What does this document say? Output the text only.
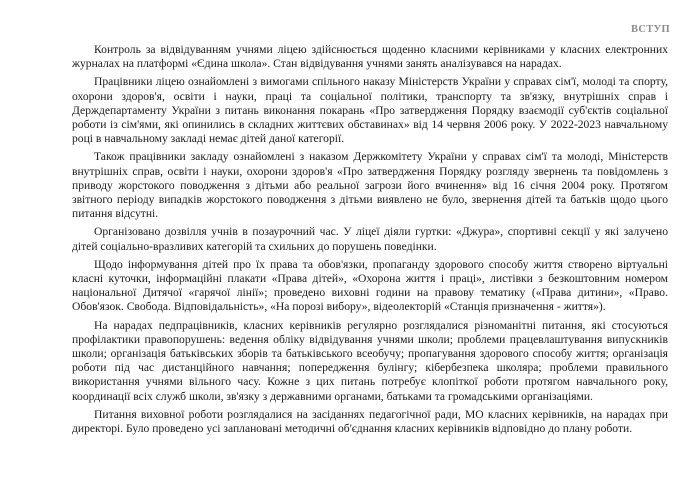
ВСТУП

Контроль за відвідуванням учнями ліцею здійснюється щоденно класними керівниками у класних електронних журналах на платформі «Єдина школа». Стан відвідування учнями занять аналізувався на нарадах.

Працівники ліцею ознайомлені з вимогами спільного наказу Міністерств України у справах сім'ї, молоді та спорту, охорони здоров'я, освіти і науки, праці та соціальної політики, транспорту та зв'язку, внутрішніх справ і Держдепартаменту України з питань виконання покарань «Про затвердження Порядку взаємодії суб'єктів соціальної роботи із сім'ями, які опинились в складних життєвих обставинах» від 14 червня 2006 року. У 2022-2023 навчальному році в навчальному закладі немає дітей даної категорії.

Також працівники закладу ознайомлені з наказом Держкомітету України у справах сім'ї та молоді, Міністерств внутрішніх справ, освіти і науки, охорони здоров'я «Про затвердження Порядку розгляду звернень та повідомлень з приводу жорстокого поводження з дітьми або реальної загрози його вчинення» від 16 січня 2004 року. Протягом звітного періоду випадків жорстокого поводження з дітьми виявлено не було, звернення дітей та батьків щодо цього питання відсутні.

Організовано дозвілля учнів в позаурочний час. У ліцеї діяли гуртки: «Джура», спортивні секції у які залучено дітей соціально-вразливих категорій та схильних до порушень поведінки.

Щодо інформування дітей про їх права та обов'язки, пропаганду здорового способу життя створено віртуальні класні куточки, інформаційні плакати «Права дітей», «Охорона життя і праці», листівки з безкоштовним номером національної Дитячої «гарячої лінії»; проведено виховні години на правову тематику («Права дитини», «Право. Обов'язок. Свобода. Відповідальність», «На порозі вибору», відеолекторій «Станція призначення - життя»).

На нарадах педпрацівників, класних керівників регулярно розглядалися різноманітні питання, які стосуються профілактики правопорушень: ведення обліку відвідування учнями школи; проблеми працевлаштування випускників школи; організація батьківських зборів та батьківського всеобучу; пропагування здорового способу життя; організація роботи під час дистанційного навчання; попередження булінгу; кібербезпека школяра; проблеми правильного використання учнями вільного часу. Кожне з цих питань потребує клопіткої роботи протягом навчального року, координації всіх служб школи, зв'язку з державними органами, батьками та громадськими організаціями.

Питання виховної роботи розглядалися на засіданнях педагогічної ради, МО класних керівників, на нарадах при директорі. Було проведено усі заплановані методичні об'єднання класних керівників відповідно до плану роботи.
